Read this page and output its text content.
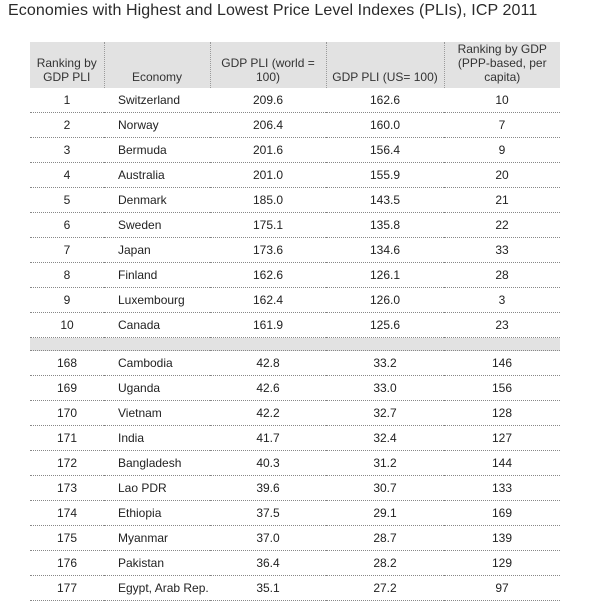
Economies with Highest and Lowest Price Level Indexes (PLIs), ICP 2011
Ranking by GDP PLI	Economy	GDP PLI (world = 100)	GDP PLI (US= 100)	Ranking by GDP (PPP-based, per capita)
1	Switzerland	209.6	162.6	10
2	Norway	206.4	160.0	7
3	Bermuda	201.6	156.4	9
4	Australia	201.0	155.9	20
5	Denmark	185.0	143.5	21
6	Sweden	175.1	135.8	22
7	Japan	173.6	134.6	33
8	Finland	162.6	126.1	28
9	Luxembourg	162.4	126.0	3
10	Canada	161.9	125.6	23

168	Cambodia	42.8	33.2	146
169	Uganda	42.6	33.0	156
170	Vietnam	42.2	32.7	128
171	India	41.7	32.4	127
172	Bangladesh	40.3	31.2	144
173	Lao PDR	39.6	30.7	133
174	Ethiopia	37.5	29.1	169
175	Myanmar	37.0	28.7	139
176	Pakistan	36.4	28.2	129
177	Egypt, Arab Rep.	35.1	27.2	97
